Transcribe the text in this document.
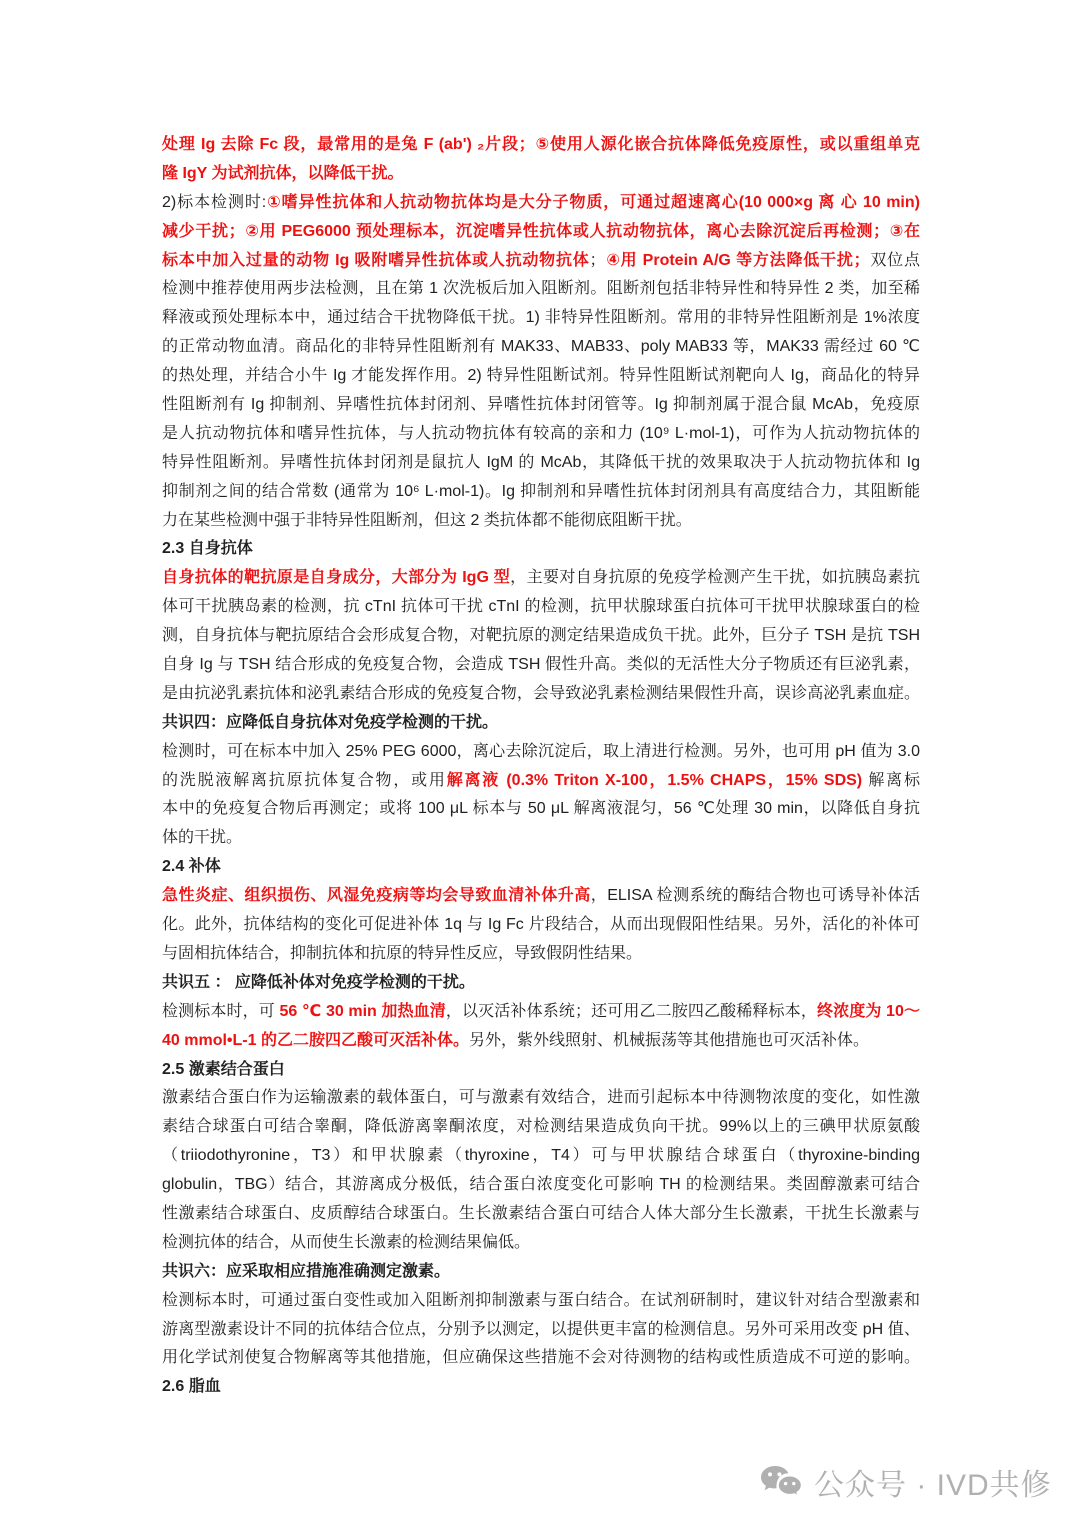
处理 Ig 去除 Fc 段，最常用的是兔 F (ab') ₂片段；⑤使用人源化嵌合抗体降低免疫原性，或以重组单克
隆 IgY 为试剂抗体，以降低干扰。
2)标本检测时:①嗜异性抗体和人抗动物抗体均是大分子物质，可通过超速离心(10 000×g 离 心 10 min)
减少干扰；②用 PEG6000 预处理标本，沉淀嗜异性抗体或人抗动物抗体，离心去除沉淀后再检测；③在
标本中加入过量的动物 Ig 吸附嗜异性抗体或人抗动物抗体；④用 Protein A/G 等方法降低干扰；双位点
检测中推荐使用两步法检测，且在第 1 次洗板后加入阻断剂。阻断剂包括非特异性和特异性 2 类，加至稀
释液或预处理标本中，通过结合干扰物降低干扰。1) 非特异性阻断剂。常用的非特异性阻断剂是 1%浓度
的正常动物血清。商品化的非特异性阻断剂有 MAK33、MAB33、poly MAB33 等，MAK33 需经过 60 ℃
的热处理，并结合小牛 Ig 才能发挥作用。2) 特异性阻断试剂。特异性阻断试剂靶向人 Ig，商品化的特异
性阻断剂有 Ig 抑制剂、异嗜性抗体封闭剂、异嗜性抗体封闭管等。Ig 抑制剂属于混合鼠 McAb，免疫原
是人抗动物抗体和嗜异性抗体，与人抗动物抗体有较高的亲和力 (10⁹ L·mol-1)，可作为人抗动物抗体的
特异性阻断剂。异嗜性抗体封闭剂是鼠抗人 IgM 的 McAb，其降低干扰的效果取决于人抗动物抗体和 Ig
抑制剂之间的结合常数 (通常为 10⁶ L·mol-1)。Ig 抑制剂和异嗜性抗体封闭剂具有高度结合力，其阻断能
力在某些检测中强于非特异性阻断剂，但这 2 类抗体都不能彻底阻断干扰。
2.3 自身抗体
自身抗体的靶抗原是自身成分，大部分为 IgG 型，主要对自身抗原的免疫学检测产生干扰，如抗胰岛素抗
体可干扰胰岛素的检测，抗 cTnI 抗体可干扰 cTnI 的检测，抗甲状腺球蛋白抗体可干扰甲状腺球蛋白的检
测，自身抗体与靶抗原结合会形成复合物，对靶抗原的测定结果造成负干扰。此外，巨分子 TSH 是抗 TSH
自身 Ig 与 TSH 结合形成的免疫复合物，会造成 TSH 假性升高。类似的无活性大分子物质还有巨泌乳素，
是由抗泌乳素抗体和泌乳素结合形成的免疫复合物，会导致泌乳素检测结果假性升高，误诊高泌乳素血症。
共识四：应降低自身抗体对免疫学检测的干扰。
检测时，可在标本中加入 25% PEG 6000，离心去除沉淀后，取上清进行检测。另外，也可用 pH 值为 3.0
的洗脱液解离抗原抗体复合物，或用解离液 (0.3% Triton X-100，1.5% CHAPS，15% SDS) 解离标
本中的免疫复合物后再测定；或将 100 μL 标本与 50 μL 解离液混匀，56 ℃处理 30 min，以降低自身抗
体的干扰。
2.4 补体
急性炎症、组织损伤、风湿免疫病等均会导致血清补体升高，ELISA 检测系统的酶结合物也可诱导补体活
化。此外，抗体结构的变化可促进补体 1q 与 Ig Fc 片段结合，从而出现假阳性结果。另外，活化的补体可
与固相抗体结合，抑制抗体和抗原的特异性反应，导致假阴性结果。
共识五 ： 应降低补体对免疫学检测的干扰。
检测标本时，可 56 ℃ 30 min 加热血清，以灭活补体系统；还可用乙二胺四乙酸稀释标本，终浓度为 10～
40 mmol•L-1 的乙二胺四乙酸可灭活补体。另外，紫外线照射、机械振荡等其他措施也可灭活补体。
2.5 激素结合蛋白
激素结合蛋白作为运输激素的载体蛋白，可与激素有效结合，进而引起标本中待测物浓度的变化，如性激
素结合球蛋白可结合睾酮，降低游离睾酮浓度，对检测结果造成负向干扰。99%以上的三碘甲状原氨酸
（triiodothyronine，T3）和甲状腺素（thyroxine，T4）可与甲状腺结合球蛋白（thyroxine-binding
globulin，TBG）结合，其游离成分极低，结合蛋白浓度变化可影响 TH 的检测结果。类固醇激素可结合
性激素结合球蛋白、皮质醇结合球蛋白。生长激素结合蛋白可结合人体大部分生长激素，干扰生长激素与
检测抗体的结合，从而使生长激素的检测结果偏低。
共识六：应采取相应措施准确测定激素。
检测标本时，可通过蛋白变性或加入阻断剂抑制激素与蛋白结合。在试剂研制时，建议针对结合型激素和
游离型激素设计不同的抗体结合位点，分别予以测定，以提供更丰富的检测信息。另外可采用改变 pH 值、
用化学试剂使复合物解离等其他措施，但应确保这些措施不会对待测物的结构或性质造成不可逆的影响。
2.6 脂血
公众号 · IVD共修
